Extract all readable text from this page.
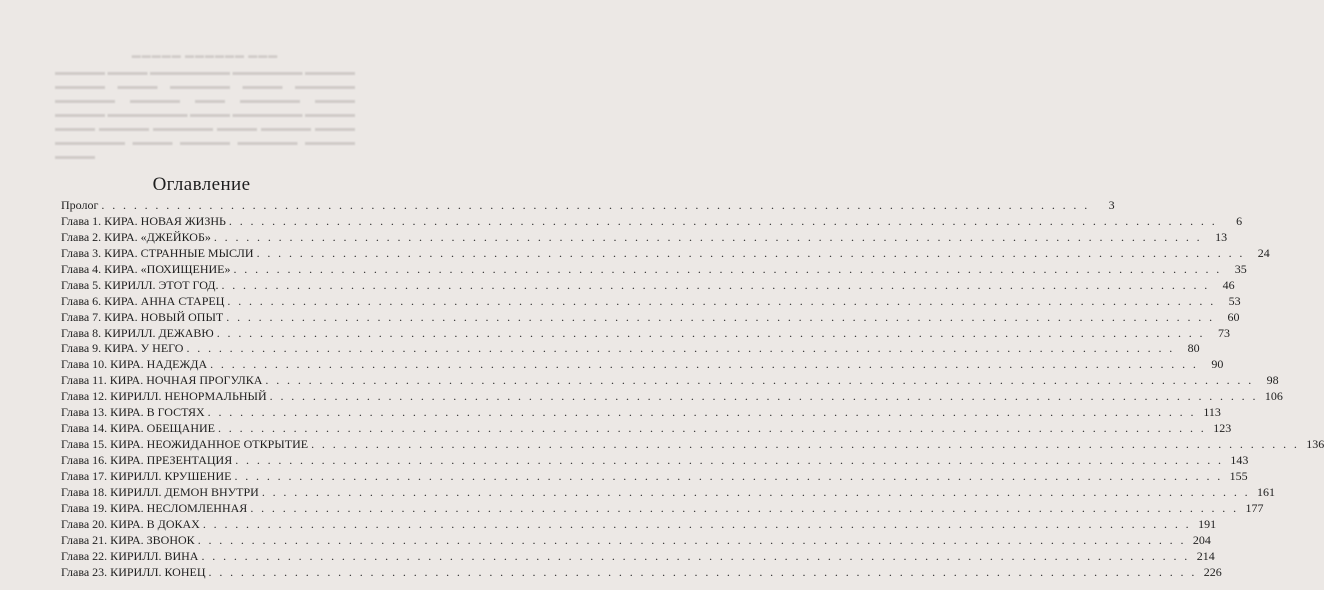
▬▬▬▬▬ ▬▬▬▬▬▬ ▬▬▬
▬▬▬▬▬ ▬▬▬▬ ▬▬▬▬▬▬▬▬ ▬▬▬▬▬▬▬ ▬▬▬▬▬ ▬▬▬▬▬ ▬▬▬▬ ▬▬▬▬▬▬ ▬▬▬▬ ▬▬▬▬▬▬ ▬▬▬▬▬▬ ▬▬▬▬▬ ▬▬▬ ▬▬▬▬▬▬ ▬▬▬▬ ▬▬▬▬▬ ▬▬▬▬▬▬▬▬ ▬▬▬▬ ▬▬▬▬▬▬▬ ▬▬▬▬▬ ▬▬▬▬ ▬▬▬▬▬ ▬▬▬▬▬▬ ▬▬▬▬ ▬▬▬▬▬ ▬▬▬▬ ▬▬▬▬▬▬▬ ▬▬▬▬ ▬▬▬▬▬ ▬▬▬▬▬▬ ▬▬▬▬▬ ▬▬▬▬
Оглавление
Пролог . . .	3
Глава 1. КИРА. НОВАЯ ЖИЗНЬ . . .	6
Глава 2. КИРА. «ДЖЕЙКОБ» . . .	13
Глава 3. КИРА. СТРАННЫЕ МЫСЛИ . . .	24
Глава 4. КИРА. «ПОХИЩЕНИЕ» . . .	35
Глава 5. КИРИЛЛ. ЭТОТ ГОД. . . .	46
Глава 6. КИРА. АННА СТАРЕЦ . . .	53
Глава 7. КИРА. НОВЫЙ ОПЫТ . . .	60
Глава 8. КИРИЛЛ. ДЕЖАВЮ . . .	73
Глава 9. КИРА. У НЕГО . . .	80
Глава 10. КИРА. НАДЕЖДА . . .	90
Глава 11. КИРА. НОЧНАЯ ПРОГУЛКА . . .	98
Глава 12. КИРИЛЛ. НЕНОРМАЛЬНЫЙ . . .	106
Глава 13. КИРА. В ГОСТЯХ . . .	113
Глава 14. КИРА. ОБЕЩАНИЕ . . .	123
Глава 15. КИРА. НЕОЖИДАННОЕ ОТКРЫТИЕ . . .	136
Глава 16. КИРА. ПРЕЗЕНТАЦИЯ . . .	143
Глава 17. КИРИЛЛ. КРУШЕНИЕ . . .	155
Глава 18. КИРИЛЛ. ДЕМОН ВНУТРИ . . .	161
Глава 19. КИРА. НЕСЛОМЛЕННАЯ . . .	177
Глава 20. КИРА. В ДОКАХ . . .	191
Глава 21. КИРА. ЗВОНОК . . .	204
Глава 22. КИРИЛЛ. ВИНА . . .	214
Глава 23. КИРИЛЛ. КОНЕЦ . . .	226
